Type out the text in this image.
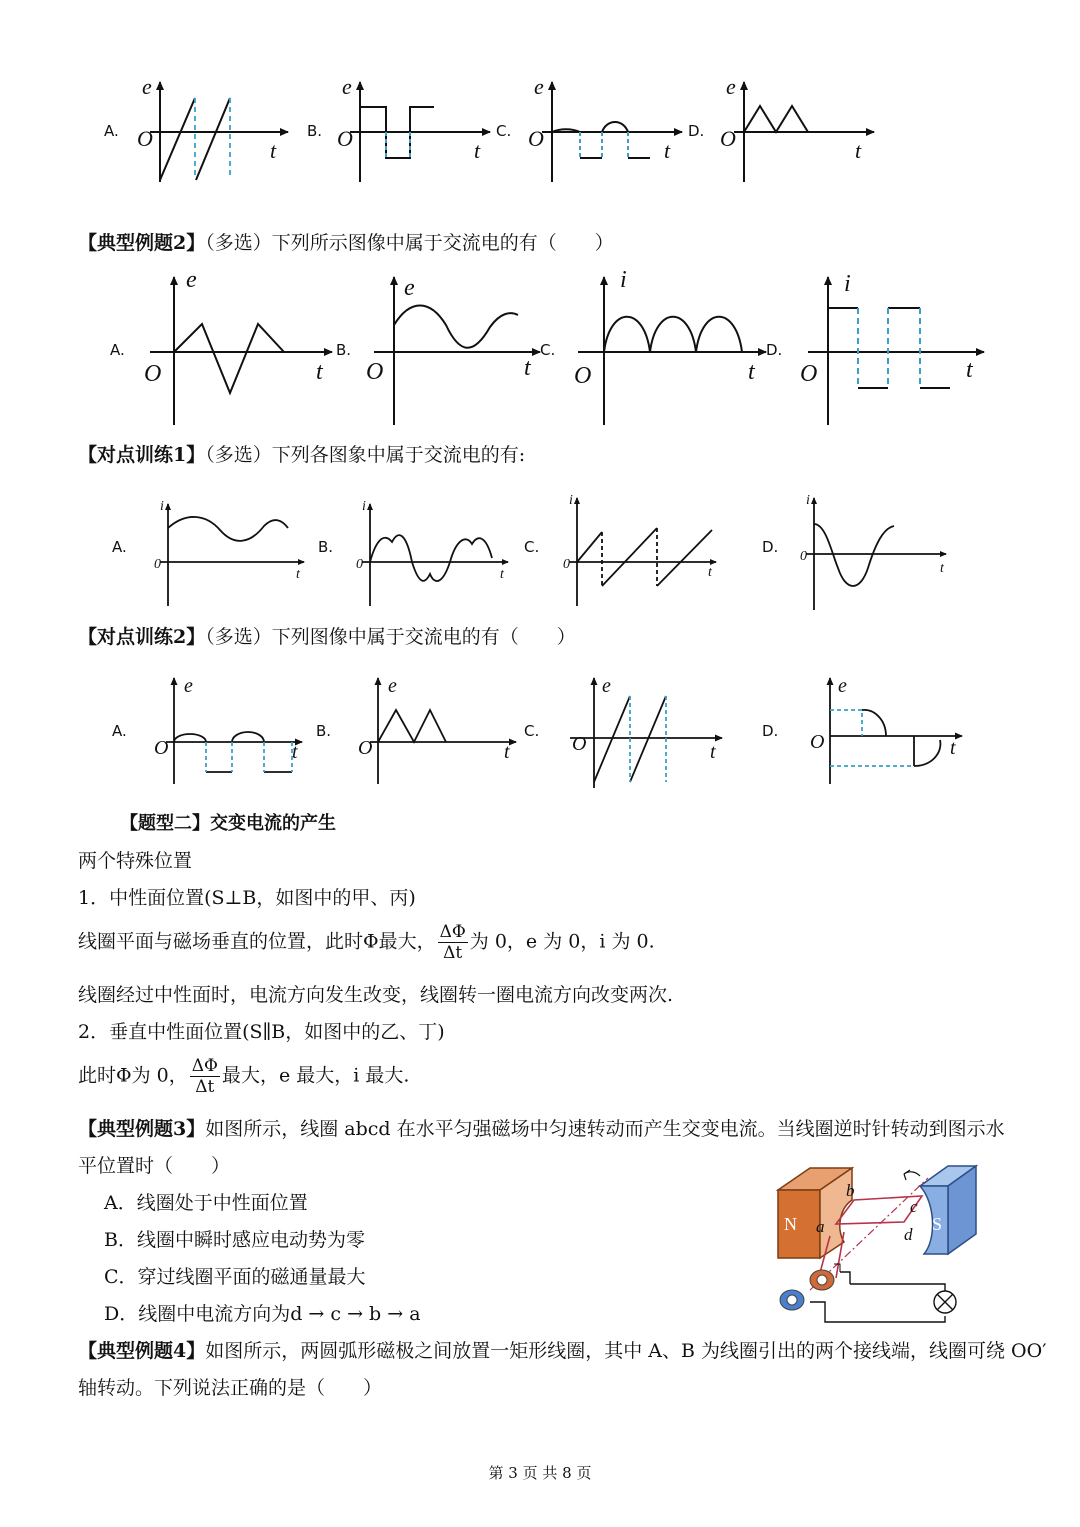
A.	B.	C.	D.
e
O	t
e
O	t
e
O	t
e
O	t
【典型例题2】（多选）下列所示图像中属于交流电的有（　　）
A.	B.	C.	D.
e
O	t
e
O	t
i
O	t
i
O	t
【对点训练1】（多选）下列各图象中属于交流电的有:
A.	B.	C.	D.
i
0
t
i
0
t
i
0
t
i
0
t
【对点训练2】（多选）下列图像中属于交流电的有（　　）
A.	B.	C.	D.
e
O	t
e
O	t
e
O	t
e
O	t
【题型二】交变电流的产生
两个特殊位置
1．中性面位置(S⊥B，如图中的甲、丙)
线圈平面与磁场垂直的位置，此时Φ最大， $\frac{\Delta\Phi}{\Delta t}$ 为 0，e 为 0，i 为 0.
线圈经过中性面时，电流方向发生改变，线圈转一圈电流方向改变两次.
2．垂直中性面位置(S∥B，如图中的乙、丁)
此时Φ为 0， $\frac{\Delta\Phi}{\Delta t}$ 最大，e 最大，i 最大.
【典型例题3】如图所示，线圈 abcd 在水平匀强磁场中匀速转动而产生交变电流。当线圈逆时针转动到图示水
平位置时（　　）
A．线圈处于中性面位置
B．线圈中瞬时感应电动势为零
C．穿过线圈平面的磁通量最大
D．线圈中电流方向为d → c → b → a
N	S
a
b
c
d
【典型例题4】如图所示，两圆弧形磁极之间放置一矩形线圈，其中 A、B 为线圈引出的两个接线端，线圈可绕 OO′
轴转动。下列说法正确的是（　　）
第 3 页 共 8 页
